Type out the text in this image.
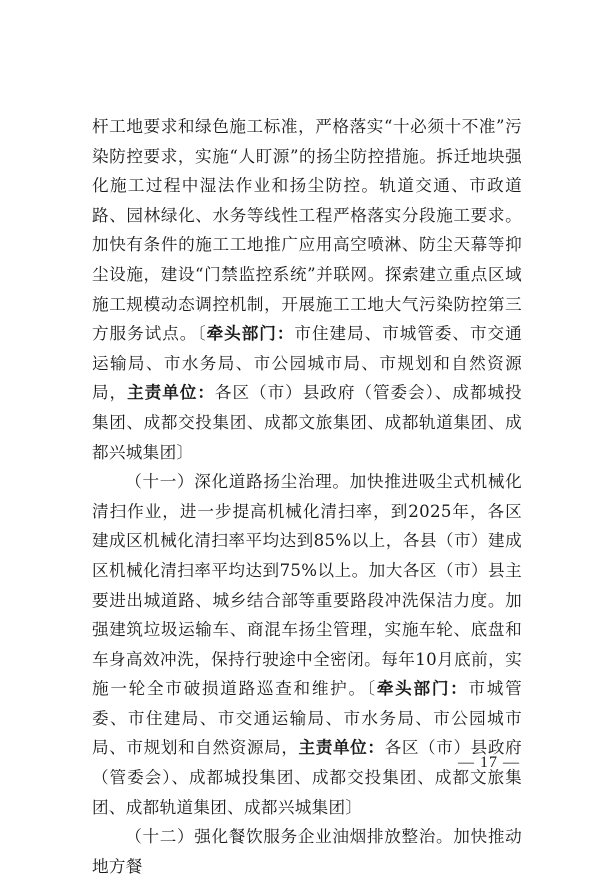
杆工地要求和绿色施工标准，严格落实“十必须十不准”污染防控要求，实施“人盯源”的扬尘防控措施。拆迁地块强化施工过程中湿法作业和扬尘防控。轨道交通、市政道路、园林绿化、水务等线性工程严格落实分段施工要求。加快有条件的施工工地推广应用高空喷淋、防尘天幕等抑尘设施，建设“门禁监控系统”并联网。探索建立重点区域施工规模动态调控机制，开展施工工地大气污染防控第三方服务试点。〔牵头部门：市住建局、市城管委、市交通运输局、市水务局、市公园城市局、市规划和自然资源局，主责单位：各区（市）县政府（管委会）、成都城投集团、成都交投集团、成都文旅集团、成都轨道集团、成都兴城集团〕

（十一）深化道路扬尘治理。加快推进吸尘式机械化清扫作业，进一步提高机械化清扫率，到2025年，各区建成区机械化清扫率平均达到85%以上，各县（市）建成区机械化清扫率平均达到75%以上。加大各区（市）县主要进出城道路、城乡结合部等重要路段冲洗保洁力度。加强建筑垃圾运输车、商混车扬尘管理，实施车轮、底盘和车身高效冲洗，保持行驶途中全密闭。每年10月底前，实施一轮全市破损道路巡查和维护。〔牵头部门：市城管委、市住建局、市交通运输局、市水务局、市公园城市局、市规划和自然资源局，主责单位：各区（市）县政府（管委会）、成都城投集团、成都交投集团、成都文旅集团、成都轨道集团、成都兴城集团〕

（十二）强化餐饮服务企业油烟排放整治。加快推动地方餐

— 17 —
